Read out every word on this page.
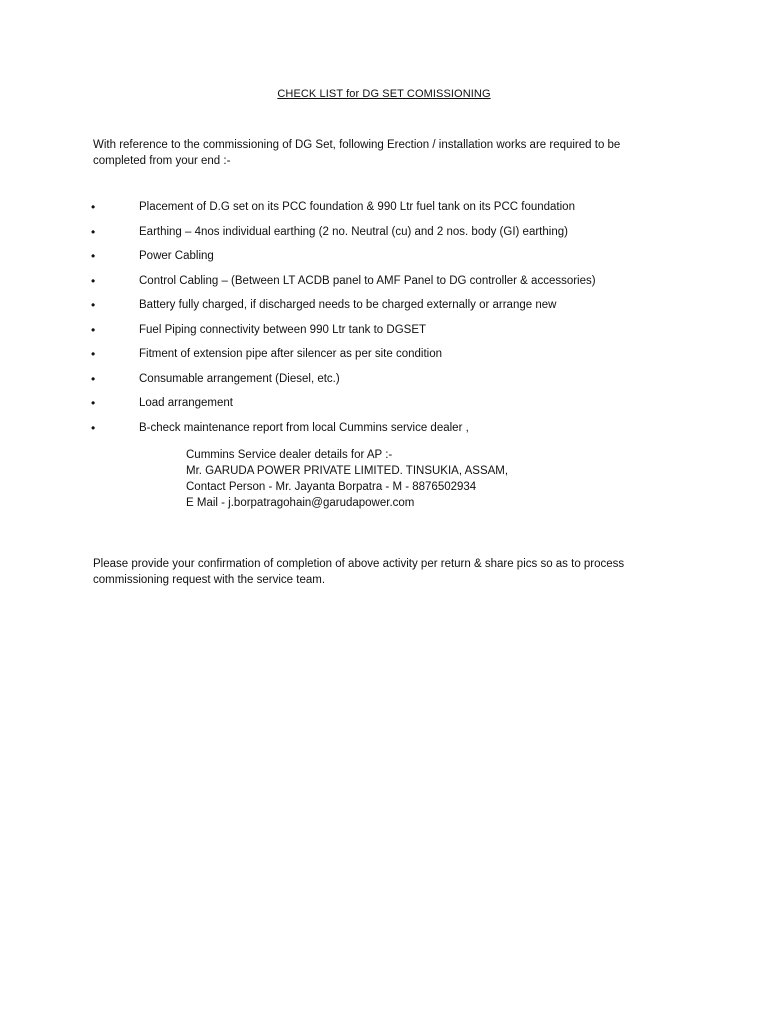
CHECK LIST for DG SET COMISSIONING
With reference to the commissioning of DG Set, following Erection / installation works are required to be completed from your end :-
•	Placement of D.G set on its PCC foundation & 990 Ltr fuel tank on its PCC foundation
•	Earthing – 4nos individual earthing (2 no. Neutral (cu) and 2 nos. body (GI) earthing)
•	Power Cabling
•	Control Cabling – (Between LT ACDB panel to AMF Panel to DG controller & accessories)
•	Battery fully charged, if discharged needs to be charged externally or arrange new
•	Fuel Piping connectivity between 990 Ltr tank to DGSET
•	Fitment of extension pipe after silencer as per site condition
•	Consumable arrangement (Diesel, etc.)
•	Load arrangement
•	B-check maintenance report from local Cummins service dealer ,
Cummins Service dealer details for AP :-
Mr. GARUDA POWER PRIVATE LIMITED. TINSUKIA, ASSAM,
Contact Person - Mr. Jayanta Borpatra - M - 8876502934
E Mail - j.borpatragohain@garudapower.com
Please provide your confirmation of completion of above activity per return & share pics so as to process commissioning request with the service team.
